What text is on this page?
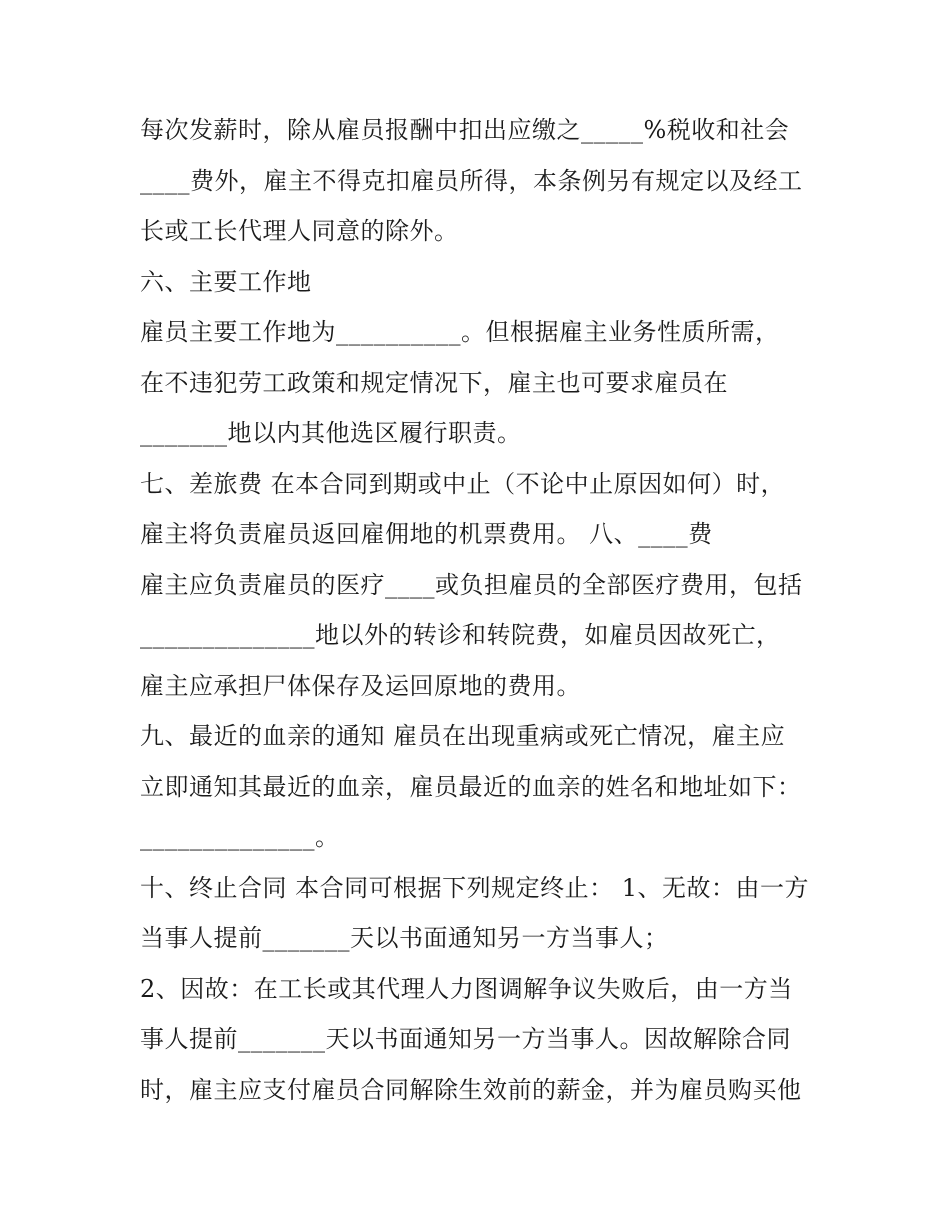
每次发薪时，除从雇员报酬中扣出应缴之_____%税收和社会
____费外，雇主不得克扣雇员所得，本条例另有规定以及经工
长或工长代理人同意的除外。
六、主要工作地
雇员主要工作地为__________。但根据雇主业务性质所需，
在不违犯劳工政策和规定情况下，雇主也可要求雇员在
_______地以内其他选区履行职责。
七、差旅费 在本合同到期或中止（不论中止原因如何）时，
雇主将负责雇员返回雇佣地的机票费用。 八、____费
雇主应负责雇员的医疗____或负担雇员的全部医疗费用，包括
______________地以外的转诊和转院费，如雇员因故死亡，
雇主应承担尸体保存及运回原地的费用。
九、最近的血亲的通知 雇员在出现重病或死亡情况，雇主应
立即通知其最近的血亲，雇员最近的血亲的姓名和地址如下：
______________。
十、终止合同 本合同可根据下列规定终止： 1、无故：由一方
当事人提前_______天以书面通知另一方当事人；
2、因故：在工长或其代理人力图调解争议失败后，由一方当
事人提前_______天以书面通知另一方当事人。因故解除合同
时，雇主应支付雇员合同解除生效前的薪金，并为雇员购买他
